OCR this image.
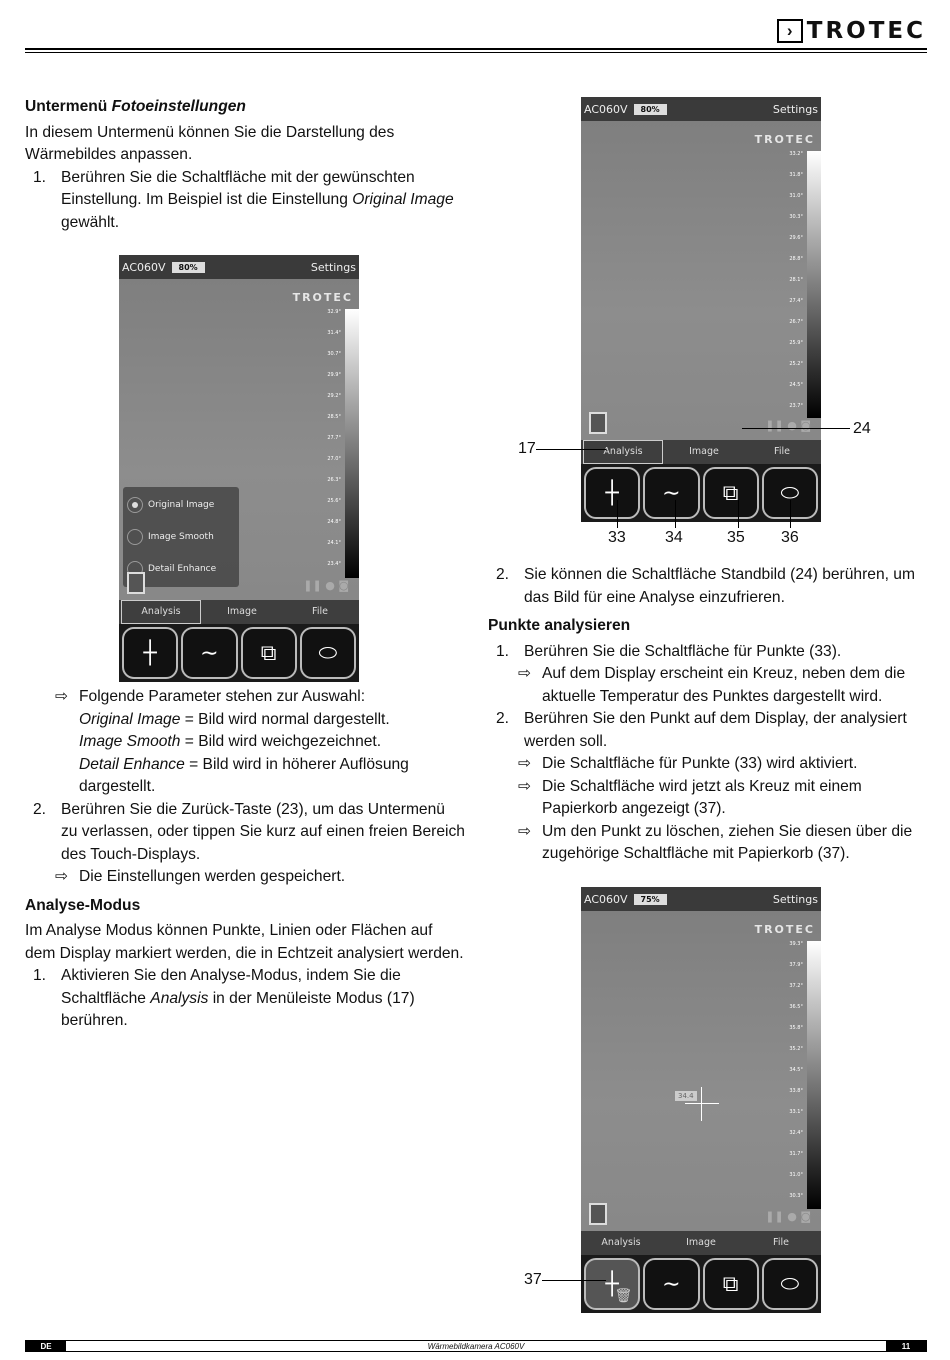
› TROTEC
Untermenü Fotoeinstellungen

In diesem Untermenü können Sie die Darstellung des Wärmebildes anpassen.

1. Berühren Sie die Schaltfläche mit der gewünschten Einstellung. Im Beispiel ist die Einstellung Original Image gewählt.
⇨ Folgende Parameter stehen zur Auswahl:
Original Image = Bild wird normal dargestellt.
Image Smooth = Bild wird weichgezeichnet.
Detail Enhance = Bild wird in höherer Auflösung dargestellt.
2. Berühren Sie die Zurück-Taste (23), um das Untermenü zu verlassen, oder tippen Sie kurz auf einen freien Bereich des Touch-Displays.
⇨ Die Einstellungen werden gespeichert.
Analyse-Modus

Im Analyse Modus können Punkte, Linien oder Flächen auf dem Display markiert werden, die in Echtzeit analysiert werden.

1. Aktivieren Sie den Analyse-Modus, indem Sie die Schaltfläche Analysis in der Menüleiste Modus (17) berühren.
AC060V	80%	Settings
TROTEC
32.9°
31.4°
30.7°
29.9°
29.2°
28.5°
27.7°
27.0°
26.3°
25.6°
24.8°
24.1°
23.4°
Original Image
Image Smooth
Detail Enhance
❚❚ ● ◙
Analysis	Image	File
┼	∼	⧉	⬭
AC060V	80%	Settings
TROTEC
33.2°
31.8°
31.0°
30.3°
29.6°
28.8°
28.1°
27.4°
26.7°
25.9°
25.2°
24.5°
23.7°
❚❚ ● ◙
Analysis	Image	File
┼	∼	⧉	⬭
17
24
33 34	35 36
2. Sie können die Schaltfläche Standbild (24) berühren, um das Bild für eine Analyse einzufrieren.
Punkte analysieren
1. Berühren Sie die Schaltfläche für Punkte (33).
⇨ Auf dem Display erscheint ein Kreuz, neben dem die aktuelle Temperatur des Punktes dargestellt wird.
2. Berühren Sie den Punkt auf dem Display, der analysiert werden soll.
⇨ Die Schaltfläche für Punkte (33) wird aktiviert.
⇨ Die Schaltfläche wird jetzt als Kreuz mit einem Papierkorb angezeigt (37).
⇨ Um den Punkt zu löschen, ziehen Sie diesen über die zugehörige Schaltfläche mit Papierkorb (37).
AC060V	75%	Settings
TROTEC
39.3°
37.9°
37.2°
36.5°
35.8°
35.2°
34.5°
33.8°
33.1°
32.4°
31.7°
31.0°
30.3°
34.4
❚❚ ● ◙
Analysis	Image	File
┼
🗑	∼	⧉	⬭
37
DE	Wärmebildkamera AC060V	11
